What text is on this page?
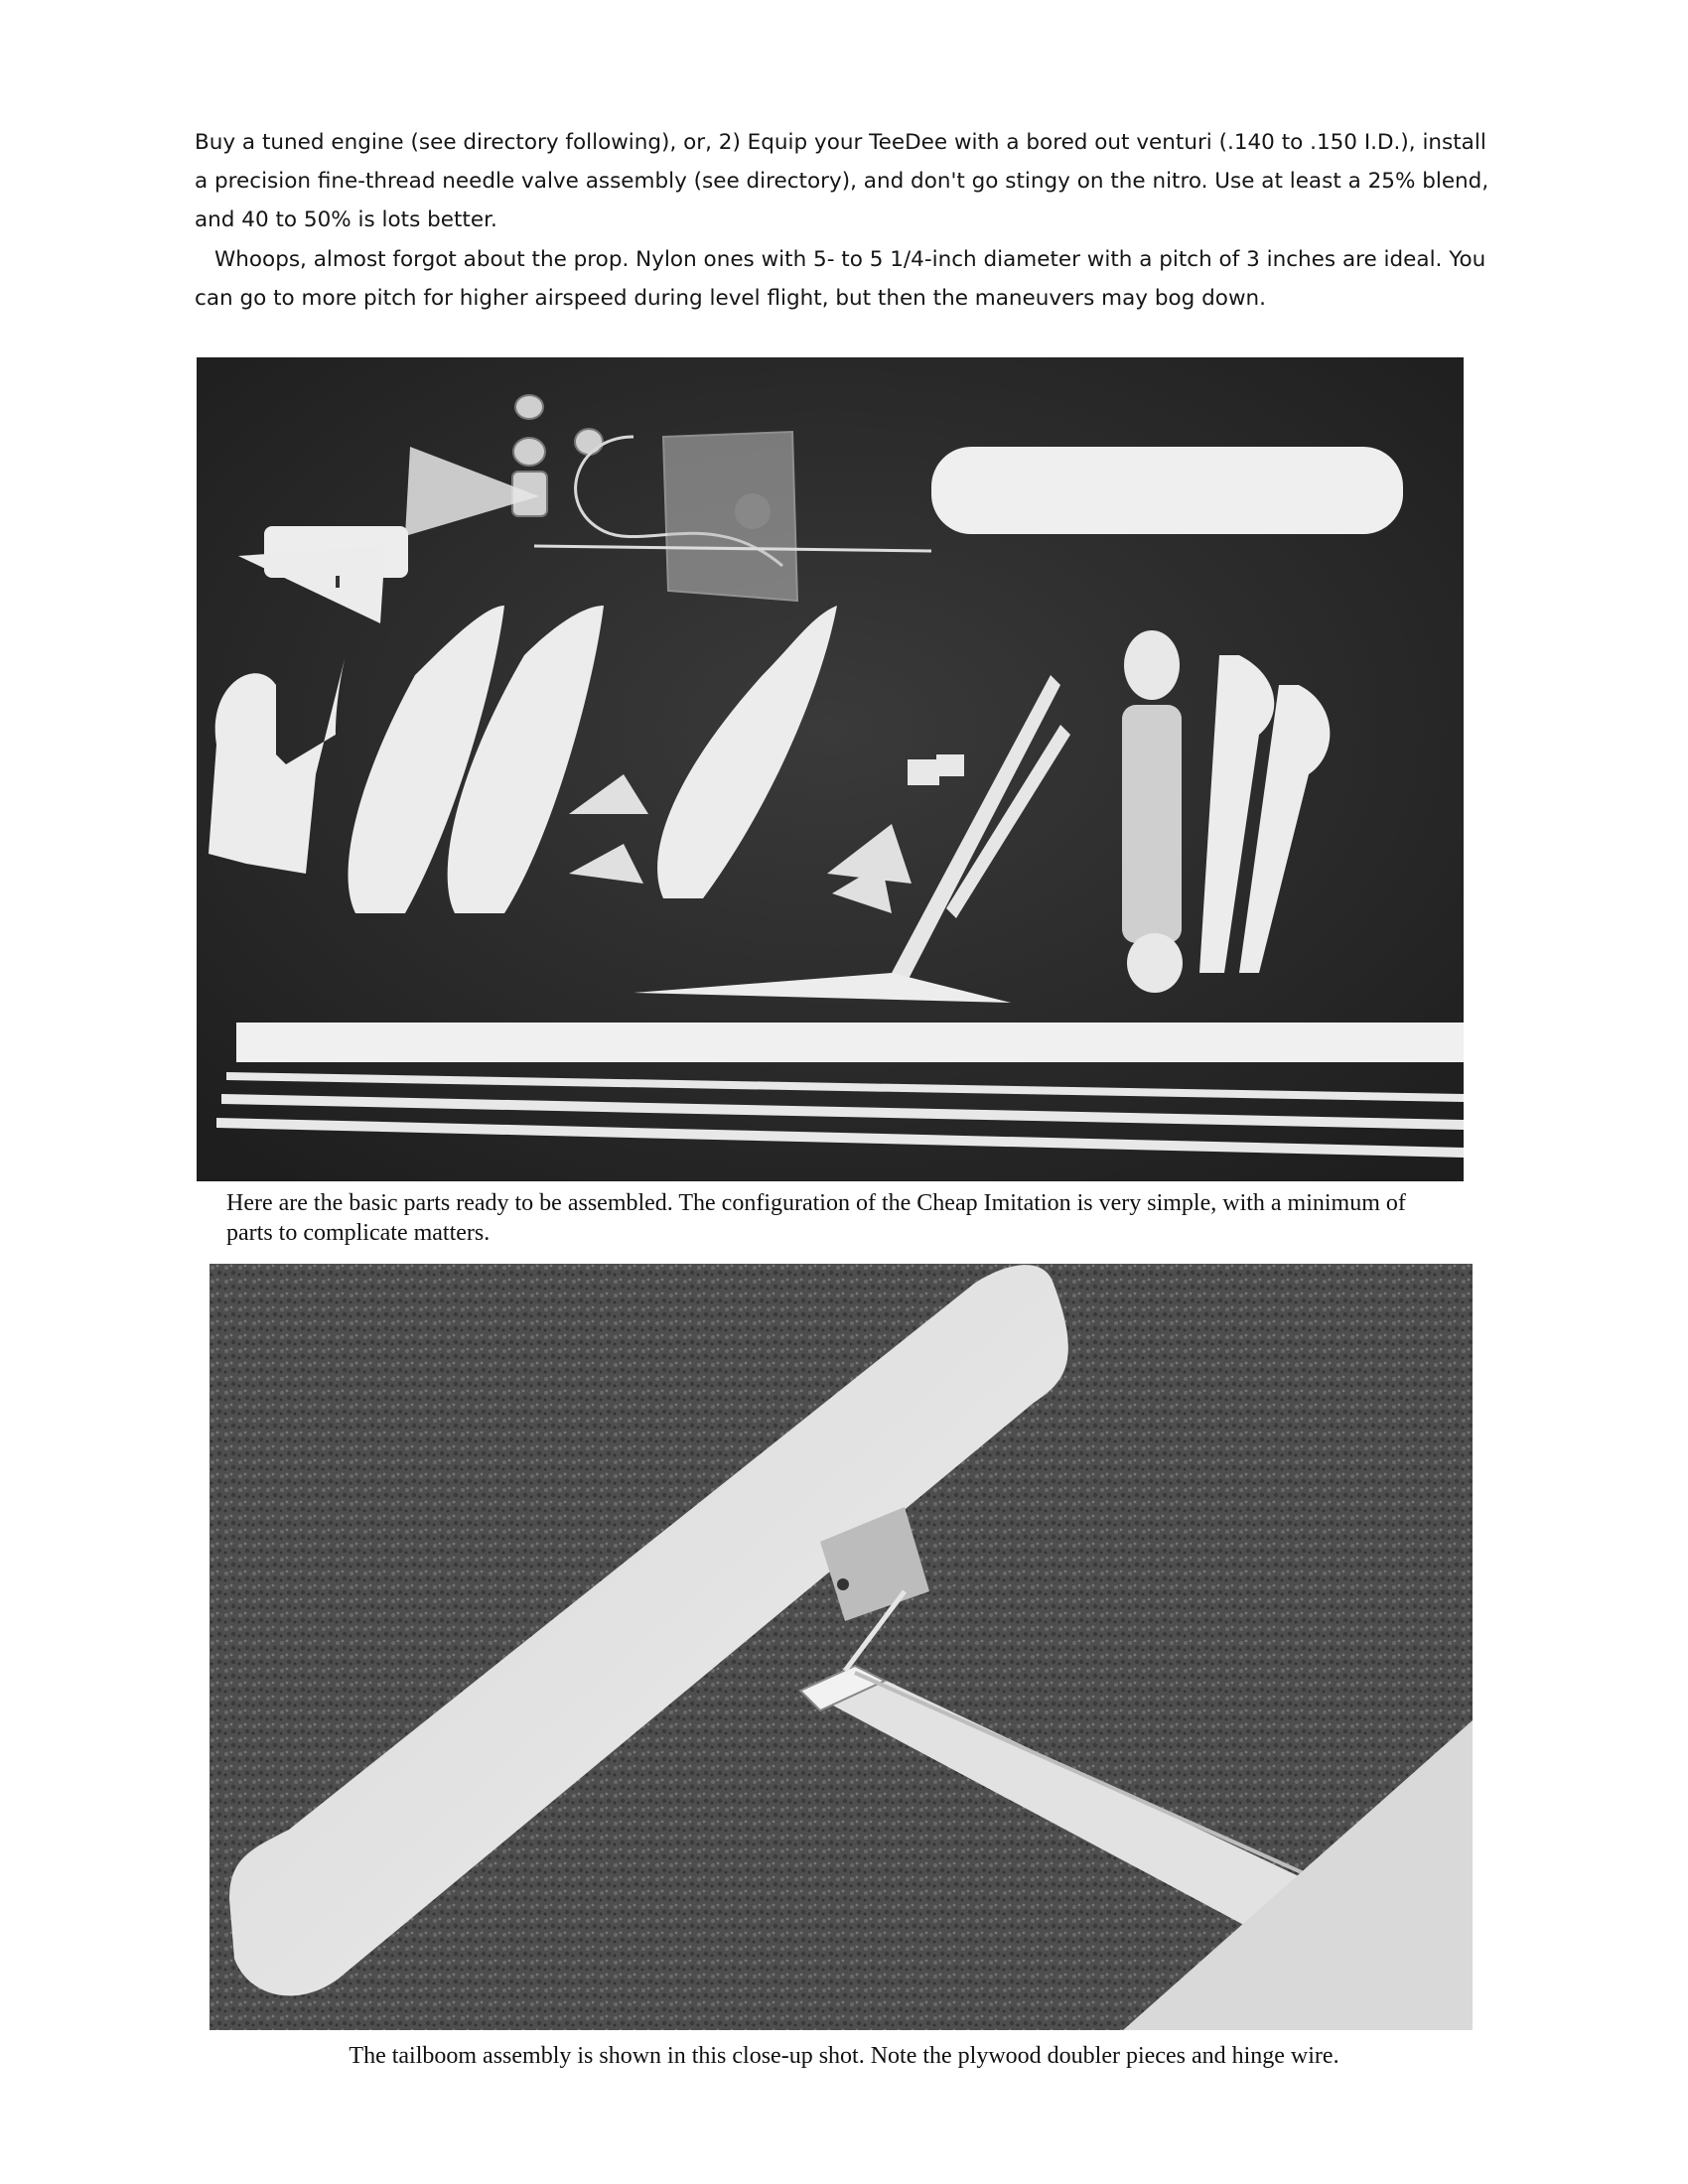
Buy a tuned engine (see directory following), or, 2) Equip your TeeDee with a bored out venturi (.140 to .150 I.D.), install a precision fine-thread needle valve assembly (see directory), and don't go stingy on the nitro. Use at least a 25% blend, and 40 to 50% is lots better.

Whoops, almost forgot about the prop. Nylon ones with 5- to 5 1/4-inch diameter with a pitch of 3 inches are ideal. You can go to more pitch for higher airspeed during level flight, but then the maneuvers may bog down.

Here are the basic parts ready to be assembled. The configuration of the Cheap Imitation is very simple, with a minimum of parts to complicate matters.

The tailboom assembly is shown in this close-up shot. Note the plywood doubler pieces and hinge wire.
